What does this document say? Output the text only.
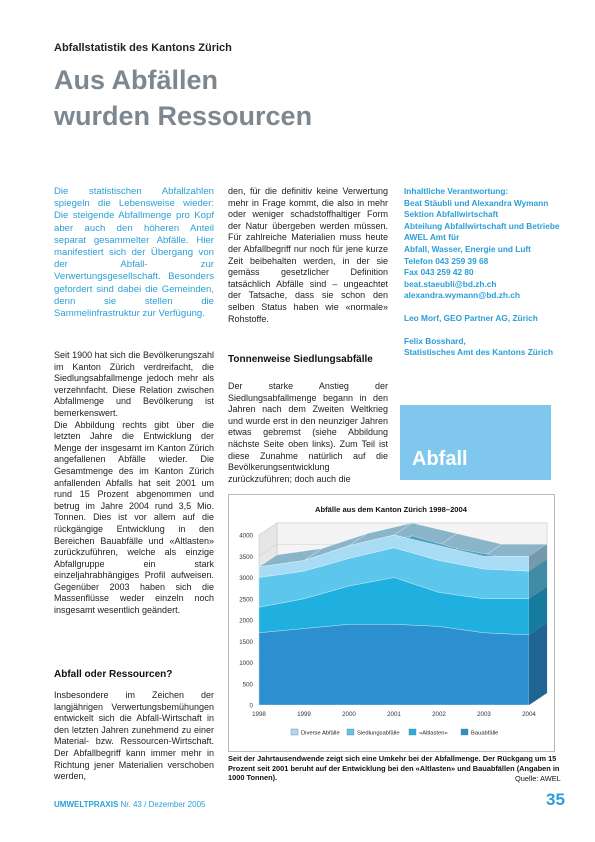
Abfallstatistik des Kantons Zürich
Aus Abfällen
wurden Ressourcen
Die statistischen Abfallzahlen spiegeln die Lebensweise wieder: Die steigende Abfallmenge pro Kopf aber auch den höheren Anteil separat gesammelter Abfälle. Hier manifestiert sich der Übergang von der Abfall- zur Verwertungsgesellschaft. Besonders gefordert sind dabei die Gemeinden, denn sie stellen die Sammelinfrastruktur zur Verfügung.

Seit 1900 hat sich die Bevölkerungszahl im Kanton Zürich verdreifacht, die Siedlungsabfallmenge jedoch mehr als verzehnfacht. Diese Relation zwischen Abfallmenge und Bevölkerung ist bemerkenswert.

Die Abbildung rechts gibt über die letzten Jahre die Entwicklung der Menge der insgesamt im Kanton Zürich angefallenen Abfälle wieder. Die Gesamtmenge des im Kanton Zürich anfallenden Abfalls hat seit 2001 um rund 15 Prozent abgenommen und betrug im Jahre 2004 rund 3,5 Mio. Tonnen. Dies ist vor allem auf die rückgängige Entwicklung in den Bereichen Bauabfälle und «Altlasten» zurückzuführen, welche als einzige Abfallgruppe ein stark einzeljahrabhängiges Profil aufweisen. Gegenüber 2003 haben sich die Massenflüsse weder einzeln noch insgesamt wesentlich geändert.

Abfall oder Ressourcen?

Insbesondere im Zeichen der langjährigen Verwertungsbemühungen entwickelt sich die Abfall-Wirtschaft in den letzten Jahren zunehmend zu einer Material- bzw. Ressourcen-Wirtschaft. Der Abfallbegriff kann immer mehr in Richtung jener Materialien verschoben werden,

den, für die definitiv keine Verwertung mehr in Frage kommt, die also in mehr oder weniger schadstoffhaltiger Form der Natur übergeben werden müssen. Für zahlreiche Materialien muss heute der Abfallbegriff nur noch für jene kurze Zeit beibehalten werden, in der sie gemäss gesetzlicher Definition tatsächlich Abfälle sind – ungeachtet der Tatsache, dass sie schon den selben Status haben wie «normale» Rohstoffe.

Tonnenweise Siedlungsabfälle

Der starke Anstieg der Siedlungsabfallmenge begann in den Jahren nach dem Zweiten Weltkrieg und wurde erst in den neunziger Jahren etwas gebremst (siehe Abbildung nächste Seite oben links). Zum Teil ist diese Zunahme natürlich auf die Bevölkerungsentwicklung zurückzuführen; doch auch die

Inhaltliche Verantwortung:
Beat Stäubli und Alexandra Wymann
Sektion Abfallwirtschaft
Abteilung Abfallwirtschaft und Betriebe
AWEL Amt für
Abfall, Wasser, Energie und Luft
Telefon 043 259 39 68
Fax 043 259 42 80
beat.staeubli@bd.zh.ch
alexandra.wymann@bd.zh.ch
Leo Morf, GEO Partner AG, Zürich
Felix Bosshard,
Statistisches Amt des Kantons Zürich
Abfall
Abfälle aus dem Kanton Zürich 1998–2004
0
500
1000
1500
2000
2500
3000
3500
4000
1998	1999	2000	2001	2002	2003	2004
Diverse Abfälle	Siedlungsabfälle	«Altlasten»	Bauabfälle
Seit der Jahrtausendwende zeigt sich eine Umkehr bei der Abfallmenge. Der Rückgang um 15 Prozent seit 2001 beruht auf der Entwicklung bei den «Altlasten» und Bauabfällen (Angaben in 1000 Tonnen).	Quelle: AWEL
UMWELTPRAXIS Nr. 43 / Dezember 2005	35
